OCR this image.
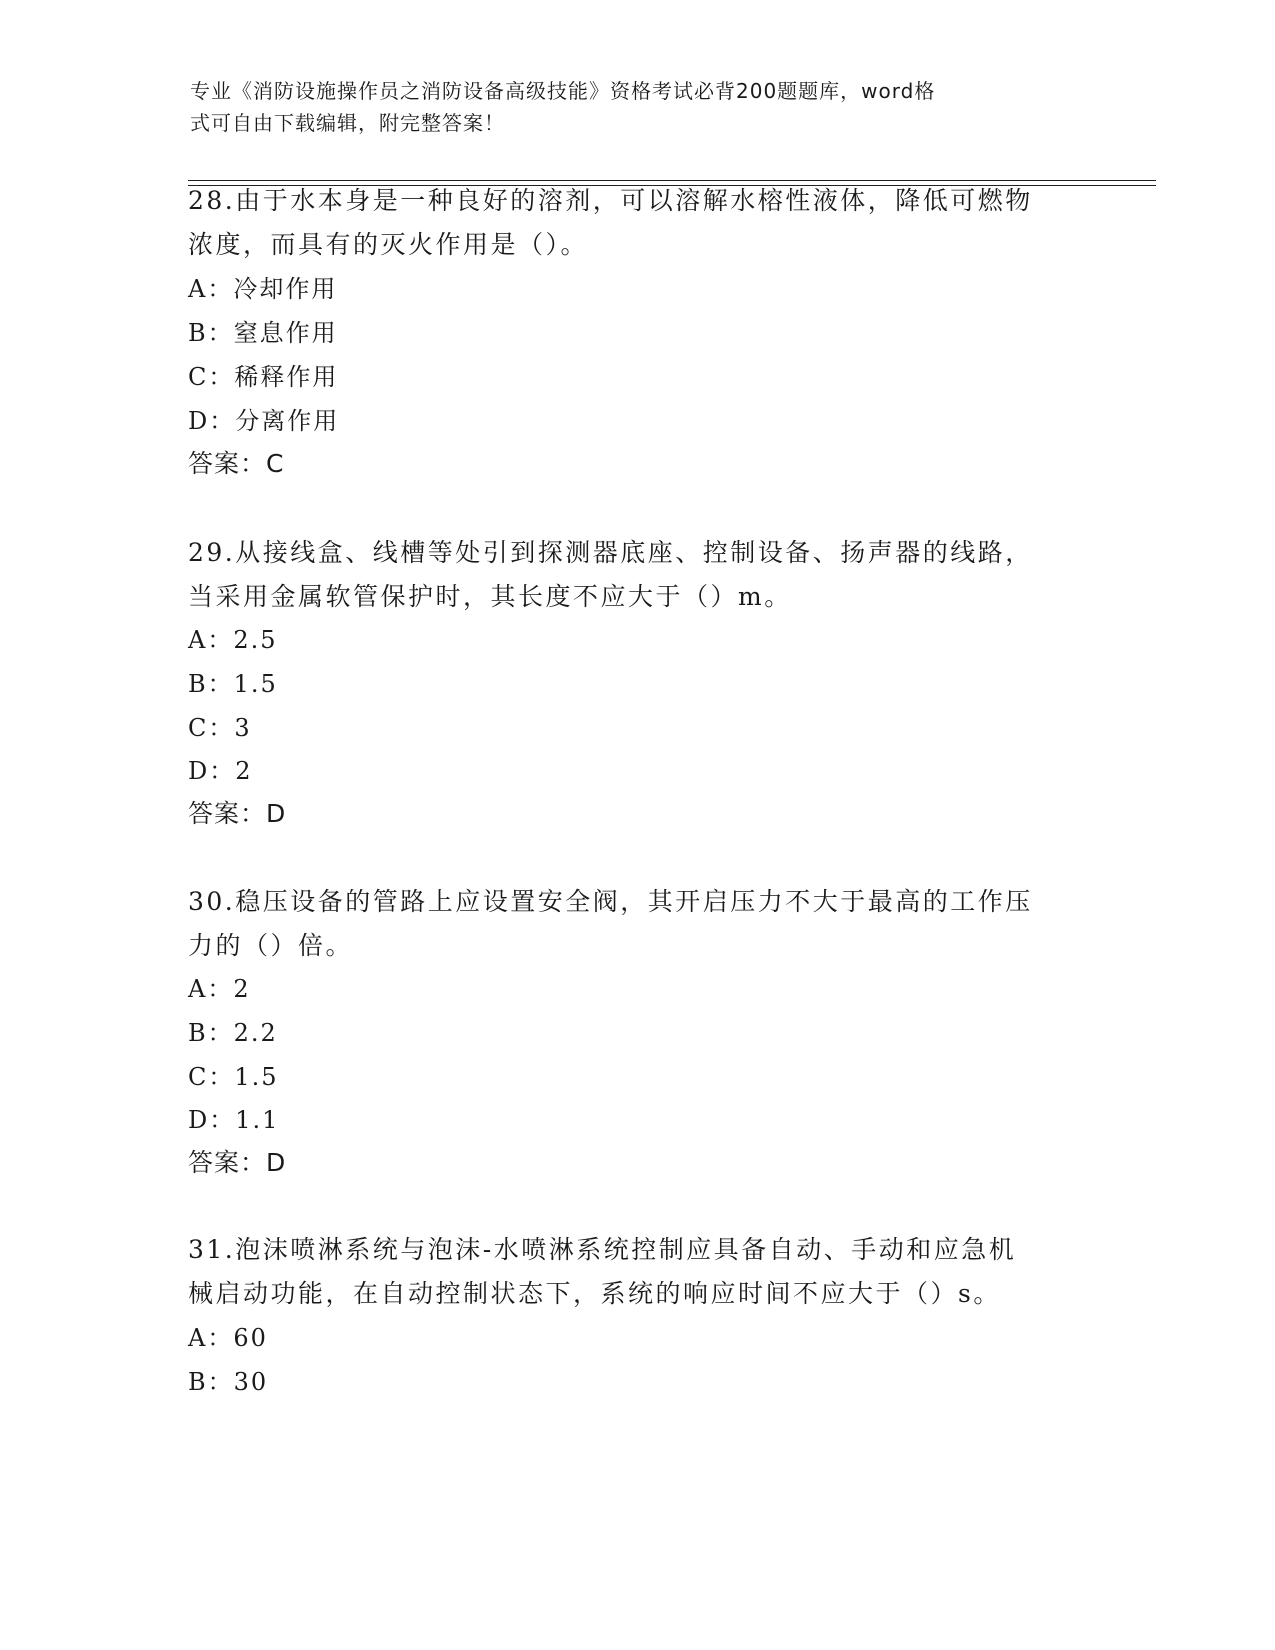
专业《消防设施操作员之消防设备高级技能》资格考试必背200题题库，word格
式可自由下载编辑，附完整答案！
28.由于水本身是一种良好的溶剂，可以溶解水榕性液体，降低可燃物
浓度，而具有的灭火作用是（）。
A：冷却作用
B：窒息作用
C：稀释作用
D：分离作用
答案：C
29.从接线盒、线槽等处引到探测器底座、控制设备、扬声器的线路，
当采用金属软管保护时，其长度不应大于（）m。
A：2.5
B：1.5
C：3
D：2
答案：D
30.稳压设备的管路上应设置安全阀，其开启压力不大于最高的工作压
力的（）倍。
A：2
B：2.2
C：1.5
D：1.1
答案：D
31.泡沫喷淋系统与泡沫-水喷淋系统控制应具备自动、手动和应急机
械启动功能，在自动控制状态下，系统的响应时间不应大于（）s。
A：60
B：30
